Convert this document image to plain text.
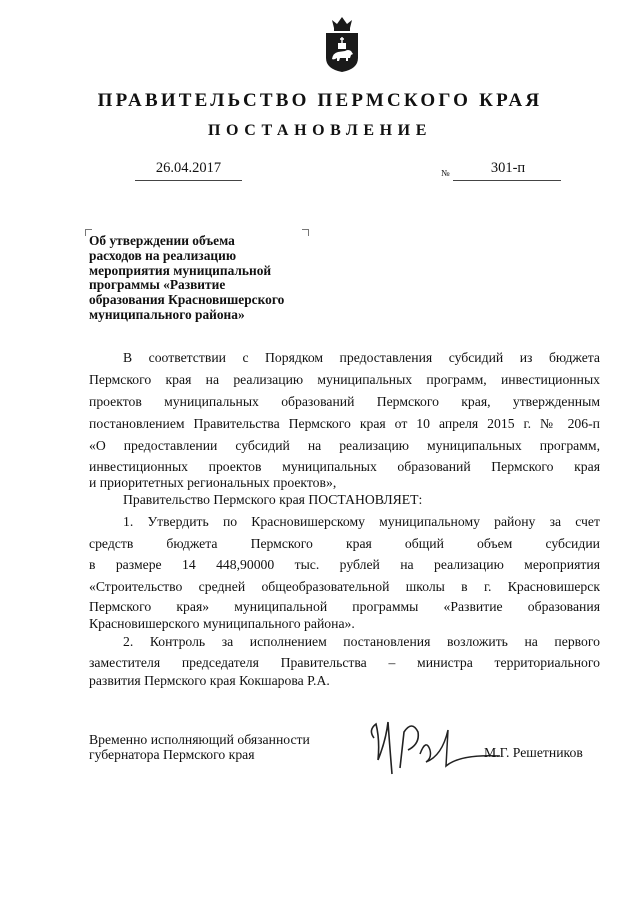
ПРАВИТЕЛЬСТВО ПЕРМСКОГО КРАЯ
ПОСТАНОВЛЕНИЕ
26.04.2017	№	301-п
Об утверждении объема
расходов на реализацию
мероприятия муниципальной
программы «Развитие
образования Красновишерского
муниципального района»
В соответствии с Порядком предоставления субсидий из бюджета
Пермского края на реализацию муниципальных программ, инвестиционных
проектов муниципальных образований Пермского края, утвержденным
постановлением Правительства Пермского края от 10 апреля 2015 г. № 206-п
«О предоставлении субсидий на реализацию муниципальных программ,
инвестиционных проектов муниципальных образований Пермского края
и приоритетных региональных проектов»,
Правительство Пермского края ПОСТАНОВЛЯЕТ:
1. Утвердить по Красновишерскому муниципальному району за счет
средств бюджета Пермского края общий объем субсидии
в размере 14 448,90000 тыс. рублей на реализацию мероприятия
«Строительство средней общеобразовательной школы в г. Красновишерск
Пермского края» муниципальной программы «Развитие образования
Красновишерского муниципального района».
2. Контроль за исполнением постановления возложить на первого
заместителя председателя Правительства – министра территориального
развития Пермского края Кокшарова Р.А.
Временно исполняющий обязанности
губернатора Пермского края	М.Г. Решетников
